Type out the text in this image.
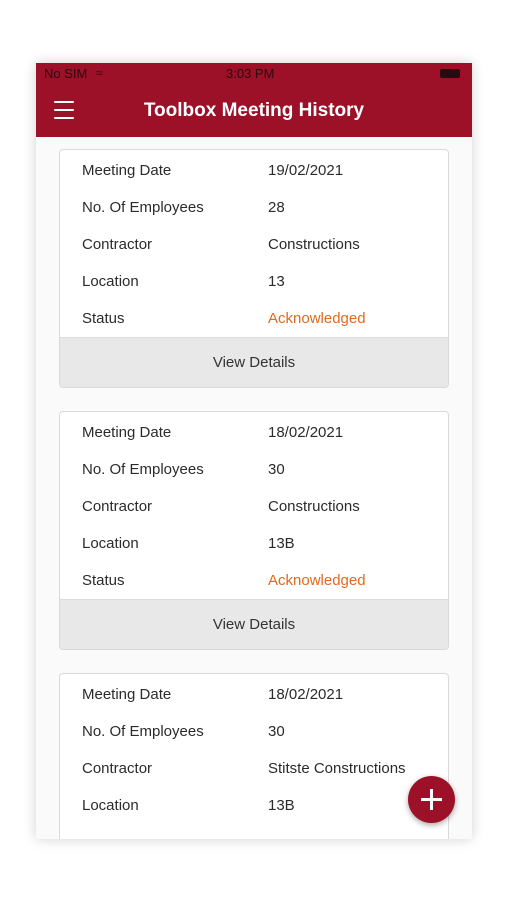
No SIM ≈	3:03 PM
Toolbox Meeting History
Meeting Date	19/02/2021
No. Of Employees	28
Contractor	Constructions
Location	13
Status	Acknowledged
View Details
Meeting Date	18/02/2021
No. Of Employees	30
Contractor	Constructions
Location	13B
Status	Acknowledged
View Details
Meeting Date	18/02/2021
No. Of Employees	30
Contractor	Stitste Constructions
Location	13B
